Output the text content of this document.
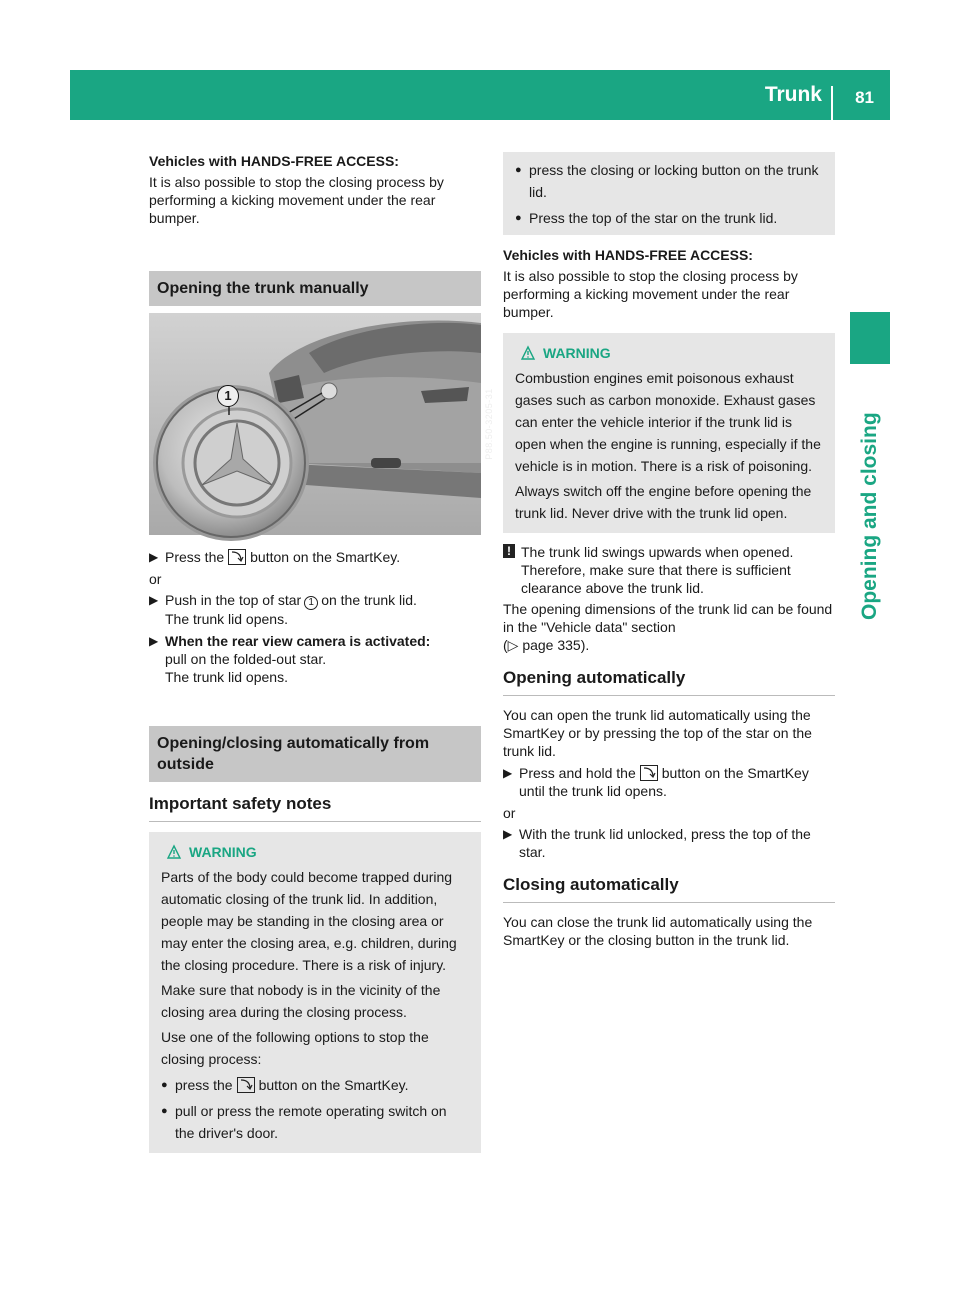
Trunk 81
Opening and closing
Vehicles with HANDS-FREE ACCESS:
It is also possible to stop the closing process by performing a kicking movement under the rear bumper.
Opening the trunk manually
1	P88.50-3205-31
▶ Press the button on the SmartKey.
or
▶ Push in the top of star 1 on the trunk lid.
The trunk lid opens.
▶ When the rear view camera is activated:
pull on the folded-out star.
The trunk lid opens.
Opening/closing automatically from outside
Important safety notes
WARNING
Parts of the body could become trapped during automatic closing of the trunk lid. In addition, people may be standing in the closing area or may enter the closing area, e.g. children, during the closing procedure. There is a risk of injury.
Make sure that nobody is in the vicinity of the closing area during the closing process.
Use one of the following options to stop the closing process:
● press the button on the SmartKey.
● pull or press the remote operating switch on the driver's door.
● press the closing or locking button on the trunk lid.
● Press the top of the star on the trunk lid.
Vehicles with HANDS-FREE ACCESS:
It is also possible to stop the closing process by performing a kicking movement under the rear bumper.
WARNING
Combustion engines emit poisonous exhaust gases such as carbon monoxide. Exhaust gases can enter the vehicle interior if the trunk lid is open when the engine is running, especially if the vehicle is in motion. There is a risk of poisoning.
Always switch off the engine before opening the trunk lid. Never drive with the trunk lid open.
! The trunk lid swings upwards when opened. Therefore, make sure that there is sufficient clearance above the trunk lid.
The opening dimensions of the trunk lid can be found in the "Vehicle data" section
(▷ page 335).
Opening automatically
You can open the trunk lid automatically using the SmartKey or by pressing the top of the star on the trunk lid.
▶ Press and hold the button on the SmartKey until the trunk lid opens.
or
▶ With the trunk lid unlocked, press the top of the star.
Closing automatically
You can close the trunk lid automatically using the SmartKey or the closing button in the trunk lid.
